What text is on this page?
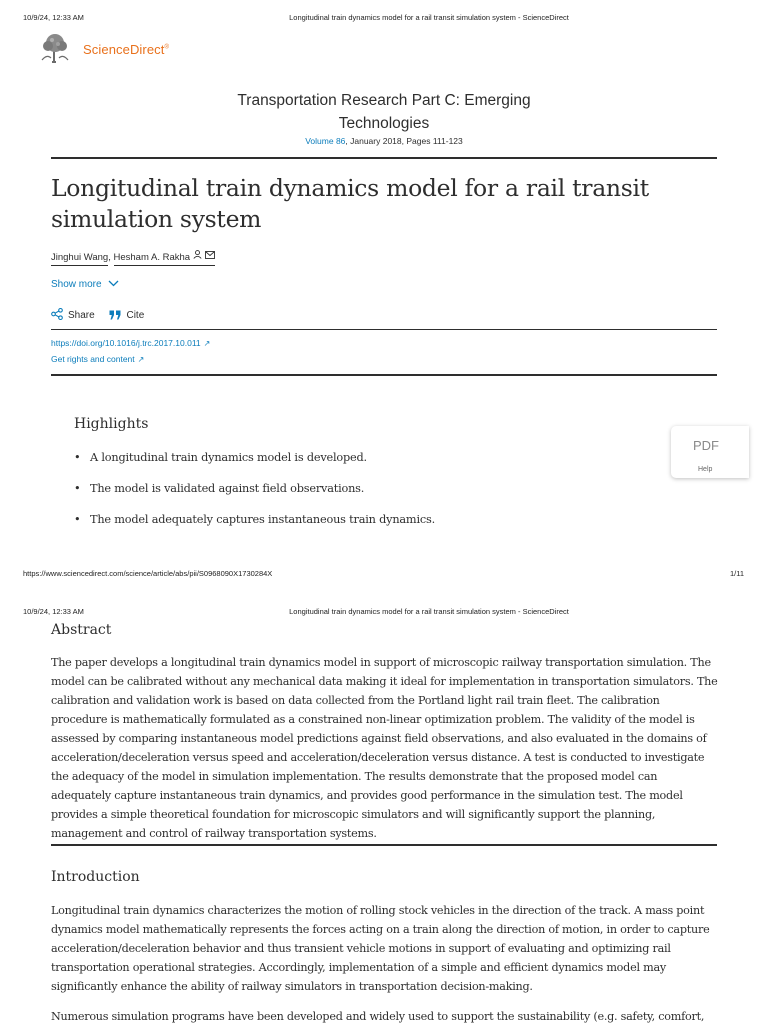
10/9/24, 12:33 AM	Longitudinal train dynamics model for a rail transit simulation system - ScienceDirect
ScienceDirect®
Transportation Research Part C: Emerging Technologies
Volume 86, January 2018, Pages 111-123
Longitudinal train dynamics model for a rail transit simulation system
Jinghui Wang, Hesham A. Rakha
Show more
Share	Cite
https://doi.org/10.1016/j.trc.2017.10.011 ↗
Get rights and content ↗
Highlights
• A longitudinal train dynamics model is developed.
• The model is validated against field observations.
• The model adequately captures instantaneous train dynamics.
PDF
Help
https://www.sciencedirect.com/science/article/abs/pii/S0968090X1730284X	1/11
10/9/24, 12:33 AM	Longitudinal train dynamics model for a rail transit simulation system - ScienceDirect
Abstract

The paper develops a longitudinal train dynamics model in support of microscopic railway transportation simulation. The model can be calibrated without any mechanical data making it ideal for implementation in transportation simulators. The calibration and validation work is based on data collected from the Portland light rail train fleet. The calibration procedure is mathematically formulated as a constrained non-linear optimization problem. The validity of the model is assessed by comparing instantaneous model predictions against field observations, and also evaluated in the domains of acceleration/deceleration versus speed and acceleration/deceleration versus distance. A test is conducted to investigate the adequacy of the model in simulation implementation. The results demonstrate that the proposed model can adequately capture instantaneous train dynamics, and provides good performance in the simulation test. The model provides a simple theoretical foundation for microscopic simulators and will significantly support the planning, management and control of railway transportation systems.

Introduction

Longitudinal train dynamics characterizes the motion of rolling stock vehicles in the direction of the track. A mass point dynamics model mathematically represents the forces acting on a train along the direction of motion, in order to capture acceleration/deceleration behavior and thus transient vehicle motions in support of evaluating and optimizing rail transportation operational strategies. Accordingly, implementation of a simple and efficient dynamics model may significantly enhance the ability of railway simulators in transportation decision-making.

Numerous simulation programs have been developed and widely used to support the sustainability (e.g. safety, comfort,
